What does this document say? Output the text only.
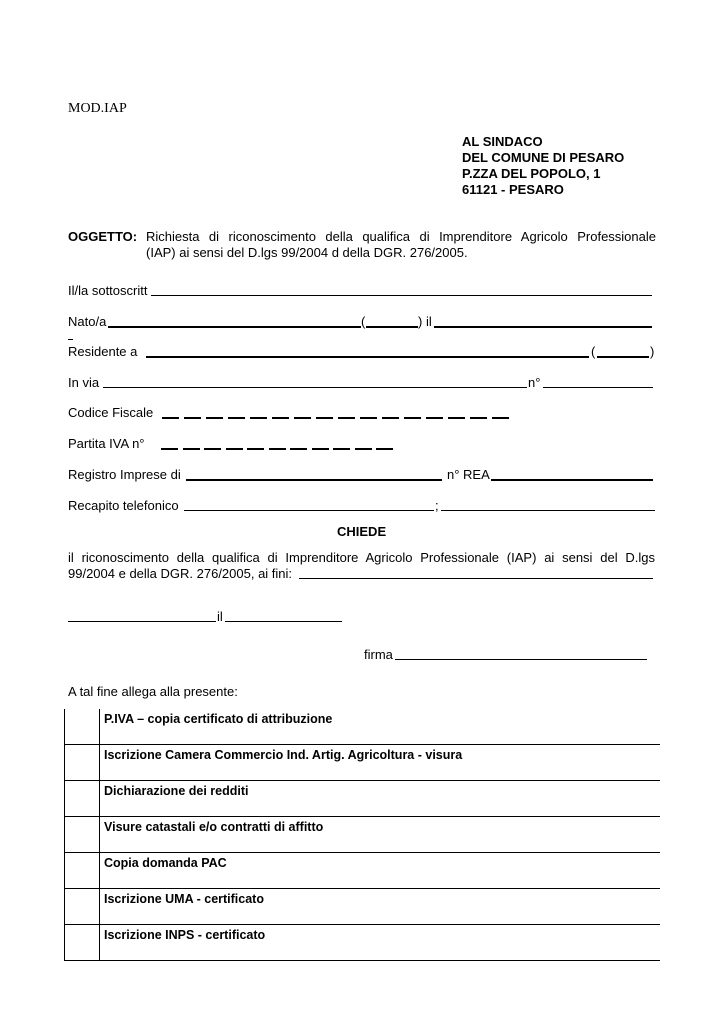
MOD.IAP
AL SINDACO
DEL COMUNE DI PESARO
P.ZZA DEL POPOLO, 1
61121 - PESARO
OGGETTO: Richiesta di riconoscimento della qualifica di Imprenditore Agricolo Professionale
(IAP) ai sensi del D.lgs 99/2004 d della DGR. 276/2005.
Il/la sottoscritt
Nato/a	(	) il
Residente a	(	)
In via	n°
Codice Fiscale
Partita IVA n°
Registro Imprese di	n° REA
Recapito telefonico	;
CHIEDE
il riconoscimento della qualifica di Imprenditore Agricolo Professionale (IAP) ai sensi del D.lgs
99/2004 e della DGR. 276/2005, ai fini:
il
firma
A tal fine allega alla presente:
	P.IVA – copia certificato di attribuzione
	Iscrizione Camera Commercio Ind. Artig. Agricoltura - visura
	Dichiarazione dei redditi
	Visure catastali e/o contratti di affitto
	Copia domanda PAC
	Iscrizione UMA - certificato
	Iscrizione INPS - certificato
